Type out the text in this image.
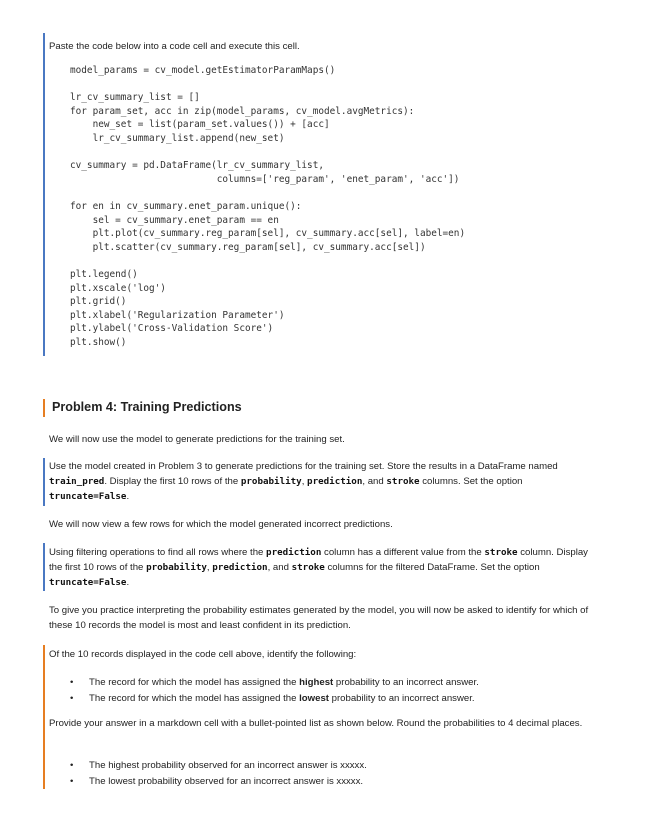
Paste the code below into a code cell and execute this cell.
model_params = cv_model.getEstimatorParamMaps()

lr_cv_summary_list = []
for param_set, acc in zip(model_params, cv_model.avgMetrics):
new_set = list(param_set.values()) + [acc]
lr_cv_summary_list.append(new_set)

cv_summary = pd.DataFrame(lr_cv_summary_list,
columns=['reg_param', 'enet_param', 'acc'])

for en in cv_summary.enet_param.unique():
sel = cv_summary.enet_param == en
plt.plot(cv_summary.reg_param[sel], cv_summary.acc[sel], label=en)
plt.scatter(cv_summary.reg_param[sel], cv_summary.acc[sel])

plt.legend()
plt.xscale('log')
plt.grid()
plt.xlabel('Regularization Parameter')
plt.ylabel('Cross-Validation Score')
plt.show()
Problem 4: Training Predictions
We will now use the model to generate predictions for the training set.
Use the model created in Problem 3 to generate predictions for the training set. Store the results in a DataFrame named train_pred. Display the first 10 rows of the probability, prediction, and stroke columns. Set the option truncate=False.
We will now view a few rows for which the model generated incorrect predictions.
Using filtering operations to find all rows where the prediction column has a different value from the stroke column. Display the first 10 rows of the probability, prediction, and stroke columns for the filtered DataFrame. Set the option truncate=False.
To give you practice interpreting the probability estimates generated by the model, you will now be asked to identify for which of these 10 records the model is most and least confident in its prediction.
Of the 10 records displayed in the code cell above, identify the following:
• The record for which the model has assigned the highest probability to an incorrect answer.
• The record for which the model has assigned the lowest probability to an incorrect answer.
Provide your answer in a markdown cell with a bullet-pointed list as shown below. Round the probabilities to 4 decimal places.
• The highest probability observed for an incorrect answer is xxxxx.
• The lowest probability observed for an incorrect answer is xxxxx.
